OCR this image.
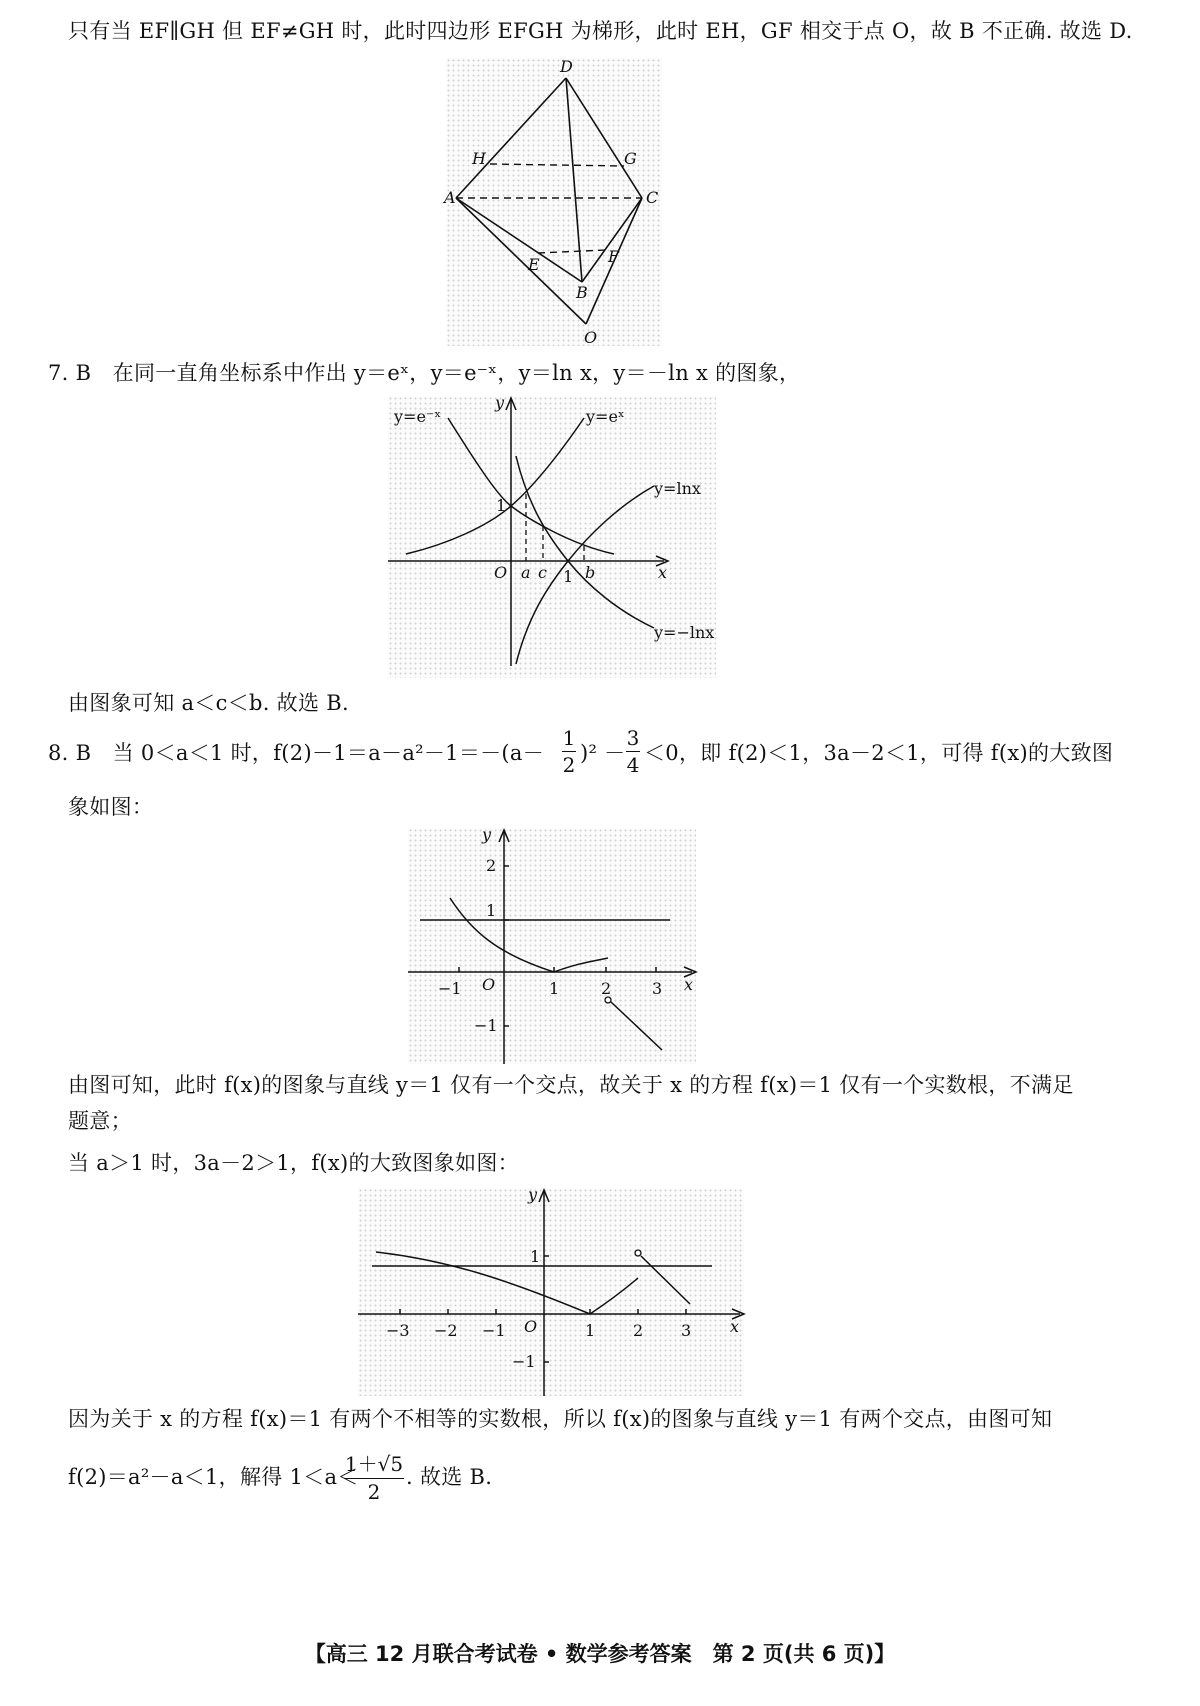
只有当 EF∥GH 但 EF≠GH 时，此时四边形 EFGH 为梯形，此时 EH，GF 相交于点 O，故 B 不正确. 故选 D.
D
H	G
A	C
E	F
B
O
7. B　在同一直角坐标系中作出 y＝eˣ，y＝e⁻ˣ，y＝ln x，y＝－ln x 的图象，
y=e⁻ˣ	y=eˣ
y=lnx
y=−lnx
y
x
O
1
a c 1 b
由图象可知 a＜c＜b. 故选 B.
8. B　当 0＜a＜1 时，f(2)－1＝a－a²－1＝－(a－
1
2 )² －
3
4 ＜0，即 f(2)＜1，3a－2＜1，可得 f(x)的大致图
象如图：
y
x
O
−1	1	2	3
2
1
−1
由图可知，此时 f(x)的图象与直线 y＝1 仅有一个交点，故关于 x 的方程 f(x)＝1 仅有一个实数根，不满足
题意；
当 a＞1 时，3a－2＞1，f(x)的大致图象如图：
y
x
O
−3 −2 −1	1 2 3
1
−1
因为关于 x 的方程 f(x)＝1 有两个不相等的实数根，所以 f(x)的图象与直线 y＝1 有两个交点，由图可知
f(2)＝a²－a＜1，解得 1＜a＜
1＋√5
2
. 故选 B.
【高三 12 月联合考试卷 • 数学参考答案　第 2 页(共 6 页)】
